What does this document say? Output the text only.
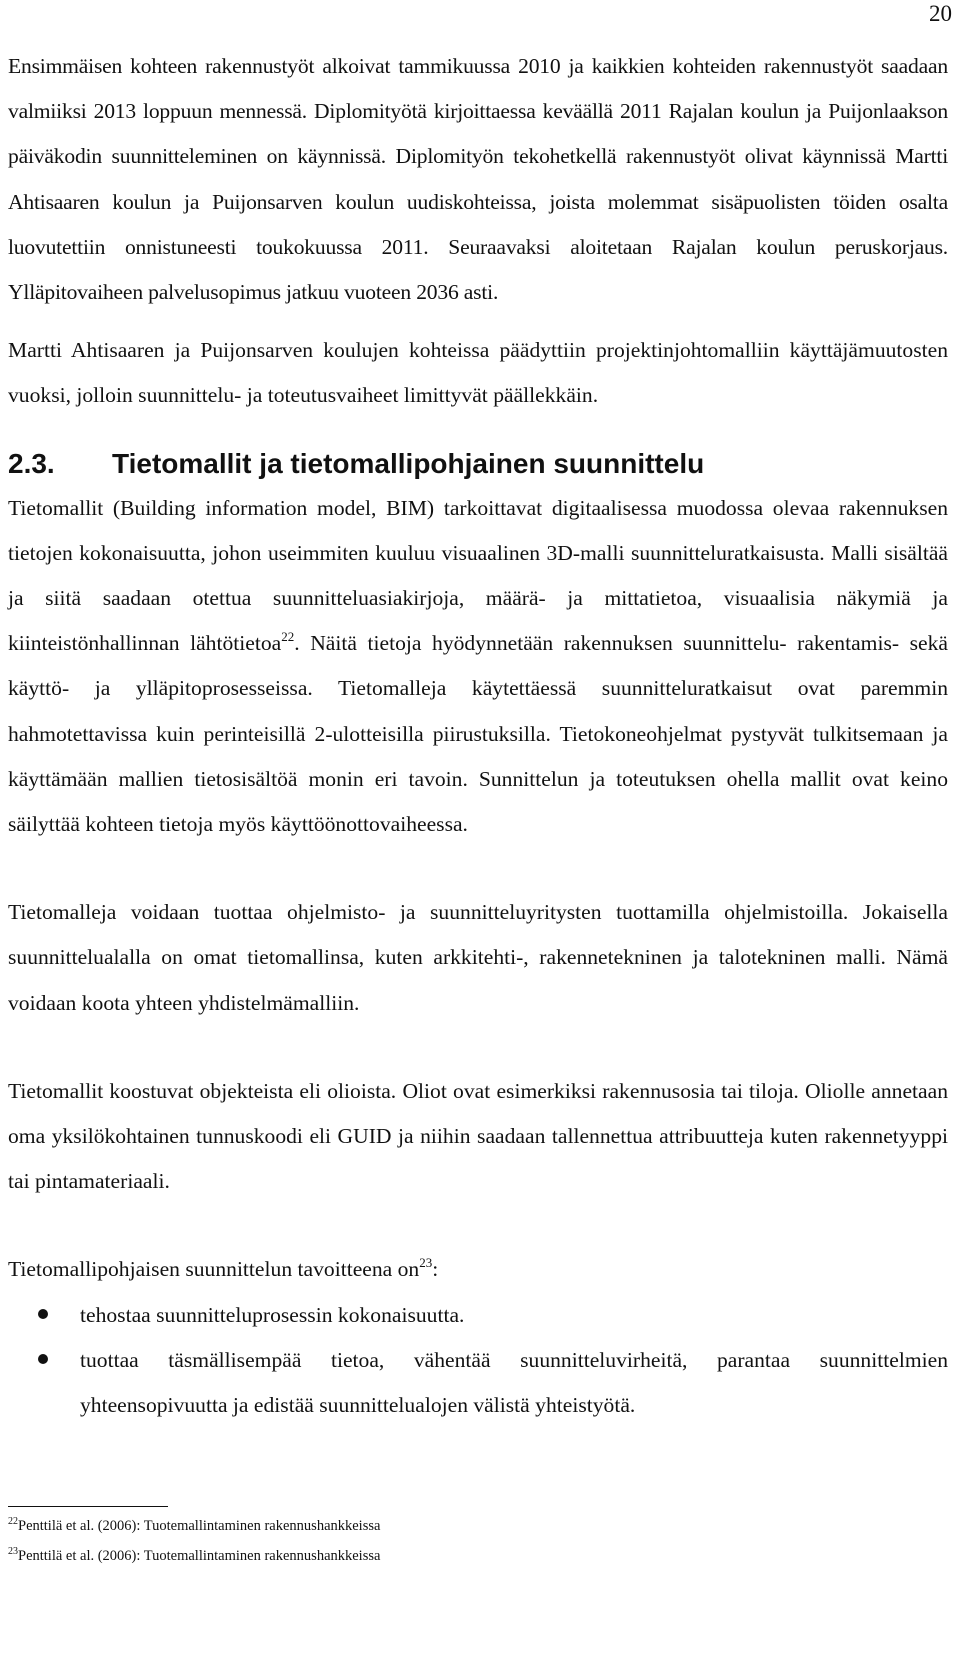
20

Ensimmäisen kohteen rakennustyöt alkoivat tammikuussa 2010 ja kaikkien kohteiden rakennustyöt saadaan valmiiksi 2013 loppuun mennessä. Diplomityötä kirjoittaessa keväällä 2011 Rajalan koulun ja Puijonlaakson päiväkodin suunnitteleminen on käynnissä. Diplomityön tekohetkellä rakennustyöt olivat käynnissä Martti Ahtisaaren koulun ja Puijonsarven koulun uudiskohteissa, joista molemmat sisäpuolisten töiden osalta luovutettiin onnistuneesti toukokuussa 2011. Seuraavaksi aloitetaan Rajalan koulun peruskorjaus. Ylläpitovaiheen palvelusopimus jatkuu vuoteen 2036 asti.

Martti Ahtisaaren ja Puijonsarven koulujen kohteissa päädyttiin projektinjohtomalliin käyttäjämuutosten vuoksi, jolloin suunnittelu- ja toteutusvaiheet limittyvät päällekkäin.

2.3. Tietomallit ja tietomallipohjainen suunnittelu

Tietomallit (Building information model, BIM) tarkoittavat digitaalisessa muodossa olevaa rakennuksen tietojen kokonaisuutta, johon useimmiten kuuluu visuaalinen 3D-malli suunnitteluratkaisusta. Malli sisältää ja siitä saadaan otettua suunnitteluasiakirjoja, määrä- ja mittatietoa, visuaalisia näkymiä ja kiinteistönhallinnan lähtötietoa$^{22}$. Näitä tietoja hyödynnetään rakennuksen suunnittelu- rakentamis- sekä käyttö- ja ylläpitoprosesseissa. Tietomalleja käytettäessä suunnitteluratkaisut ovat paremmin hahmotettavissa kuin perinteisillä 2-ulotteisilla piirustuksilla. Tietokoneohjelmat pystyvät tulkitsemaan ja käyttämään mallien tietosisältöä monin eri tavoin. Sunnittelun ja toteutuksen ohella mallit ovat keino säilyttää kohteen tietoja myös käyttöönottovaiheessa.

Tietomalleja voidaan tuottaa ohjelmisto- ja suunnitteluyritysten tuottamilla ohjelmistoilla. Jokaisella suunnittelualalla on omat tietomallinsa, kuten arkkitehti-, rakennetekninen ja talotekninen malli. Nämä voidaan koota yhteen yhdistelmämalliin.

Tietomallit koostuvat objekteista eli olioista. Oliot ovat esimerkiksi rakennusosia tai tiloja. Oliolle annetaan oma yksilökohtainen tunnuskoodi eli GUID ja niihin saadaan tallennettua attribuutteja kuten rakennetyyppi tai pintamateriaali.

Tietomallipohjaisen suunnittelun tavoitteena $on^{23}$:

tehostaa suunnitteluprosessin kokonaisuutta.
tuottaa täsmällisempää tietoa, vähentää suunnitteluvirheitä, parantaa suunnittelmien yhteensopivuutta ja edistää suunnittelualojen välistä yhteistyötä.
$^{22}$Penttilä et al. (2006): Tuotemallintaminen rakennushankkeissa
$^{23}$Penttilä et al. (2006): Tuotemallintaminen rakennushankkeissa
